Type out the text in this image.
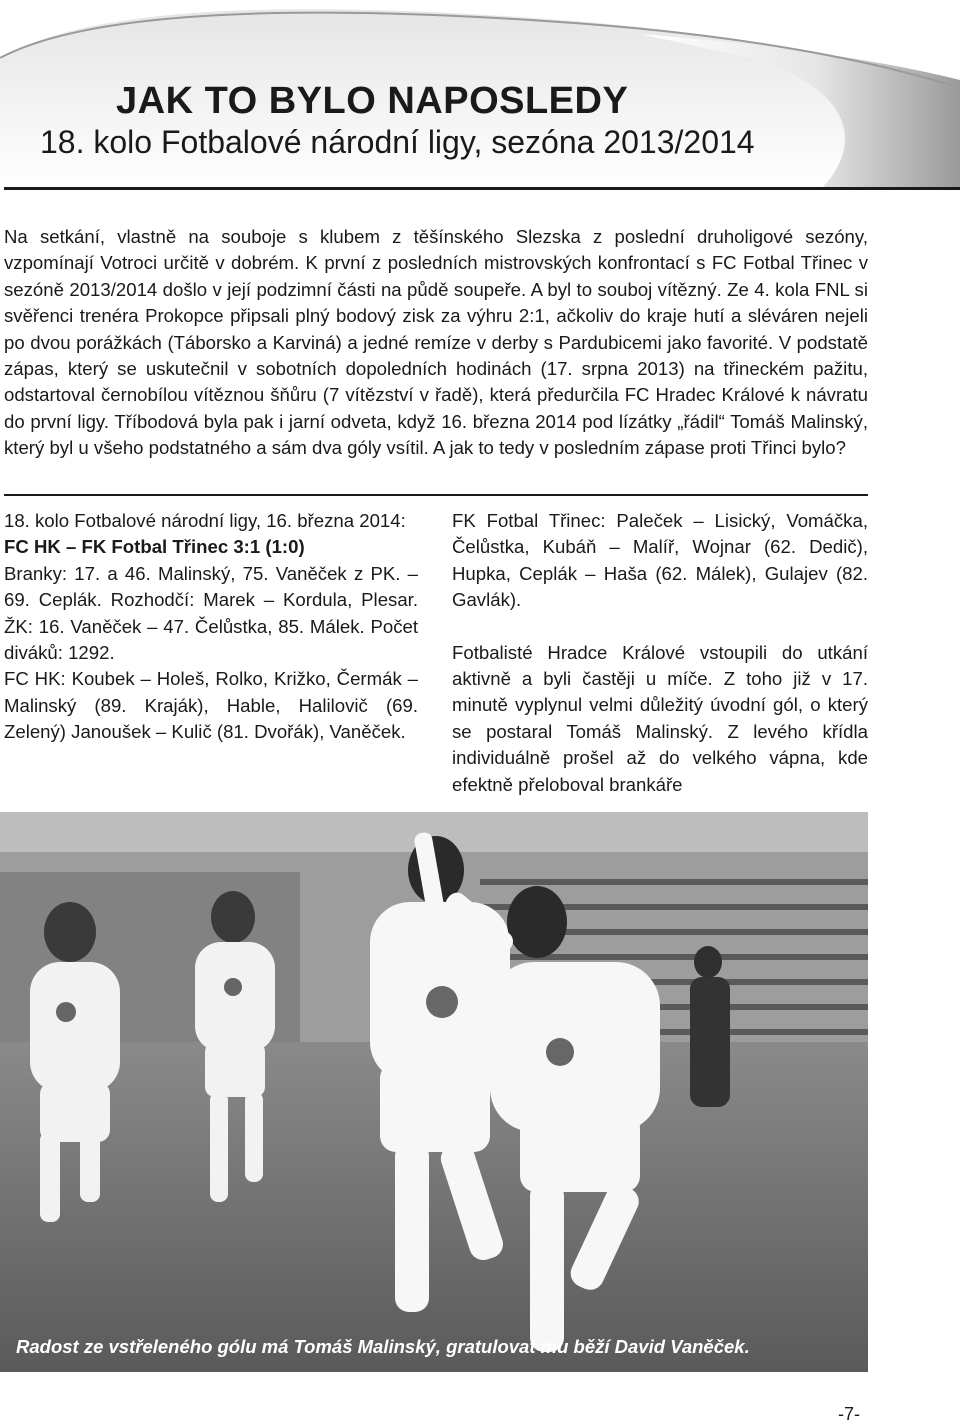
JAK TO BYLO NAPOSLEDY
18. kolo Fotbalové národní ligy, sezóna 2013/2014

Na setkání, vlastně na souboje s klubem z těšínského Slezska z poslední druholigové sezóny, vzpomínají Votroci určitě v dobrém. K první z posledních mistrovských konfrontací s FC Fotbal Třinec v sezóně 2013/2014 došlo v její podzimní části na půdě soupeře. A byl to souboj vítězný. Ze 4. kola FNL si svěřenci trenéra Prokopce připsali plný bodový zisk za výhru 2:1, ačkoliv do kraje hutí a sléváren nejeli po dvou porážkách (Táborsko a Karviná) a jedné remíze v derby s Pardubicemi jako favorité. V podstatě zápas, který se uskutečnil v sobotních dopoledních hodinách (17. srpna 2013) na třineckém pažitu, odstartoval černobílou vítěznou šňůru (7 vítězství v řadě), která předurčila FC Hradec Králové k návratu do první ligy. Tříbodová byla pak i jarní odveta, když 16. března 2014 pod lízátky „řádil“ Tomáš Malinský, který byl u všeho podstatného a sám dva góly vsítil. A jak to tedy v posledním zápase proti Třinci bylo?

18. kolo Fotbalové národní ligy, 16. března 2014:

FC HK – FK Fotbal Třinec 3:1 (1:0)

Branky: 17. a 46. Malinský, 75. Vaněček z PK. – 69. Ceplák. Rozhodčí: Marek – Kordula, Plesar. ŽK: 16. Vaněček – 47. Čelůstka, 85. Málek. Počet diváků: 1292.

FC HK: Koubek – Holeš, Rolko, Križko, Čermák – Malinský (89. Kraják), Hable, Halilovič (69. Zelený) Janoušek – Kulič (81. Dvořák), Vaněček.

FK Fotbal Třinec: Paleček – Lisický, Vomáčka, Čelůstka, Kubáň – Malíř, Wojnar (62. Dedič), Hupka, Ceplák – Haša (62. Málek), Gulajev (82. Gavlák).

Fotbalisté Hradce Králové vstoupili do utkání aktivně a byli častěji u míče. Z toho již v 17. minutě vyplynul velmi důležitý úvodní gól, o který se postaral Tomáš Malinský. Z levého křídla individuálně prošel až do velkého vápna, kde efektně přeloboval brankáře

Radost ze vstřeleného gólu má Tomáš Malinský, gratulovat mu běží David Vaněček.

-7-
